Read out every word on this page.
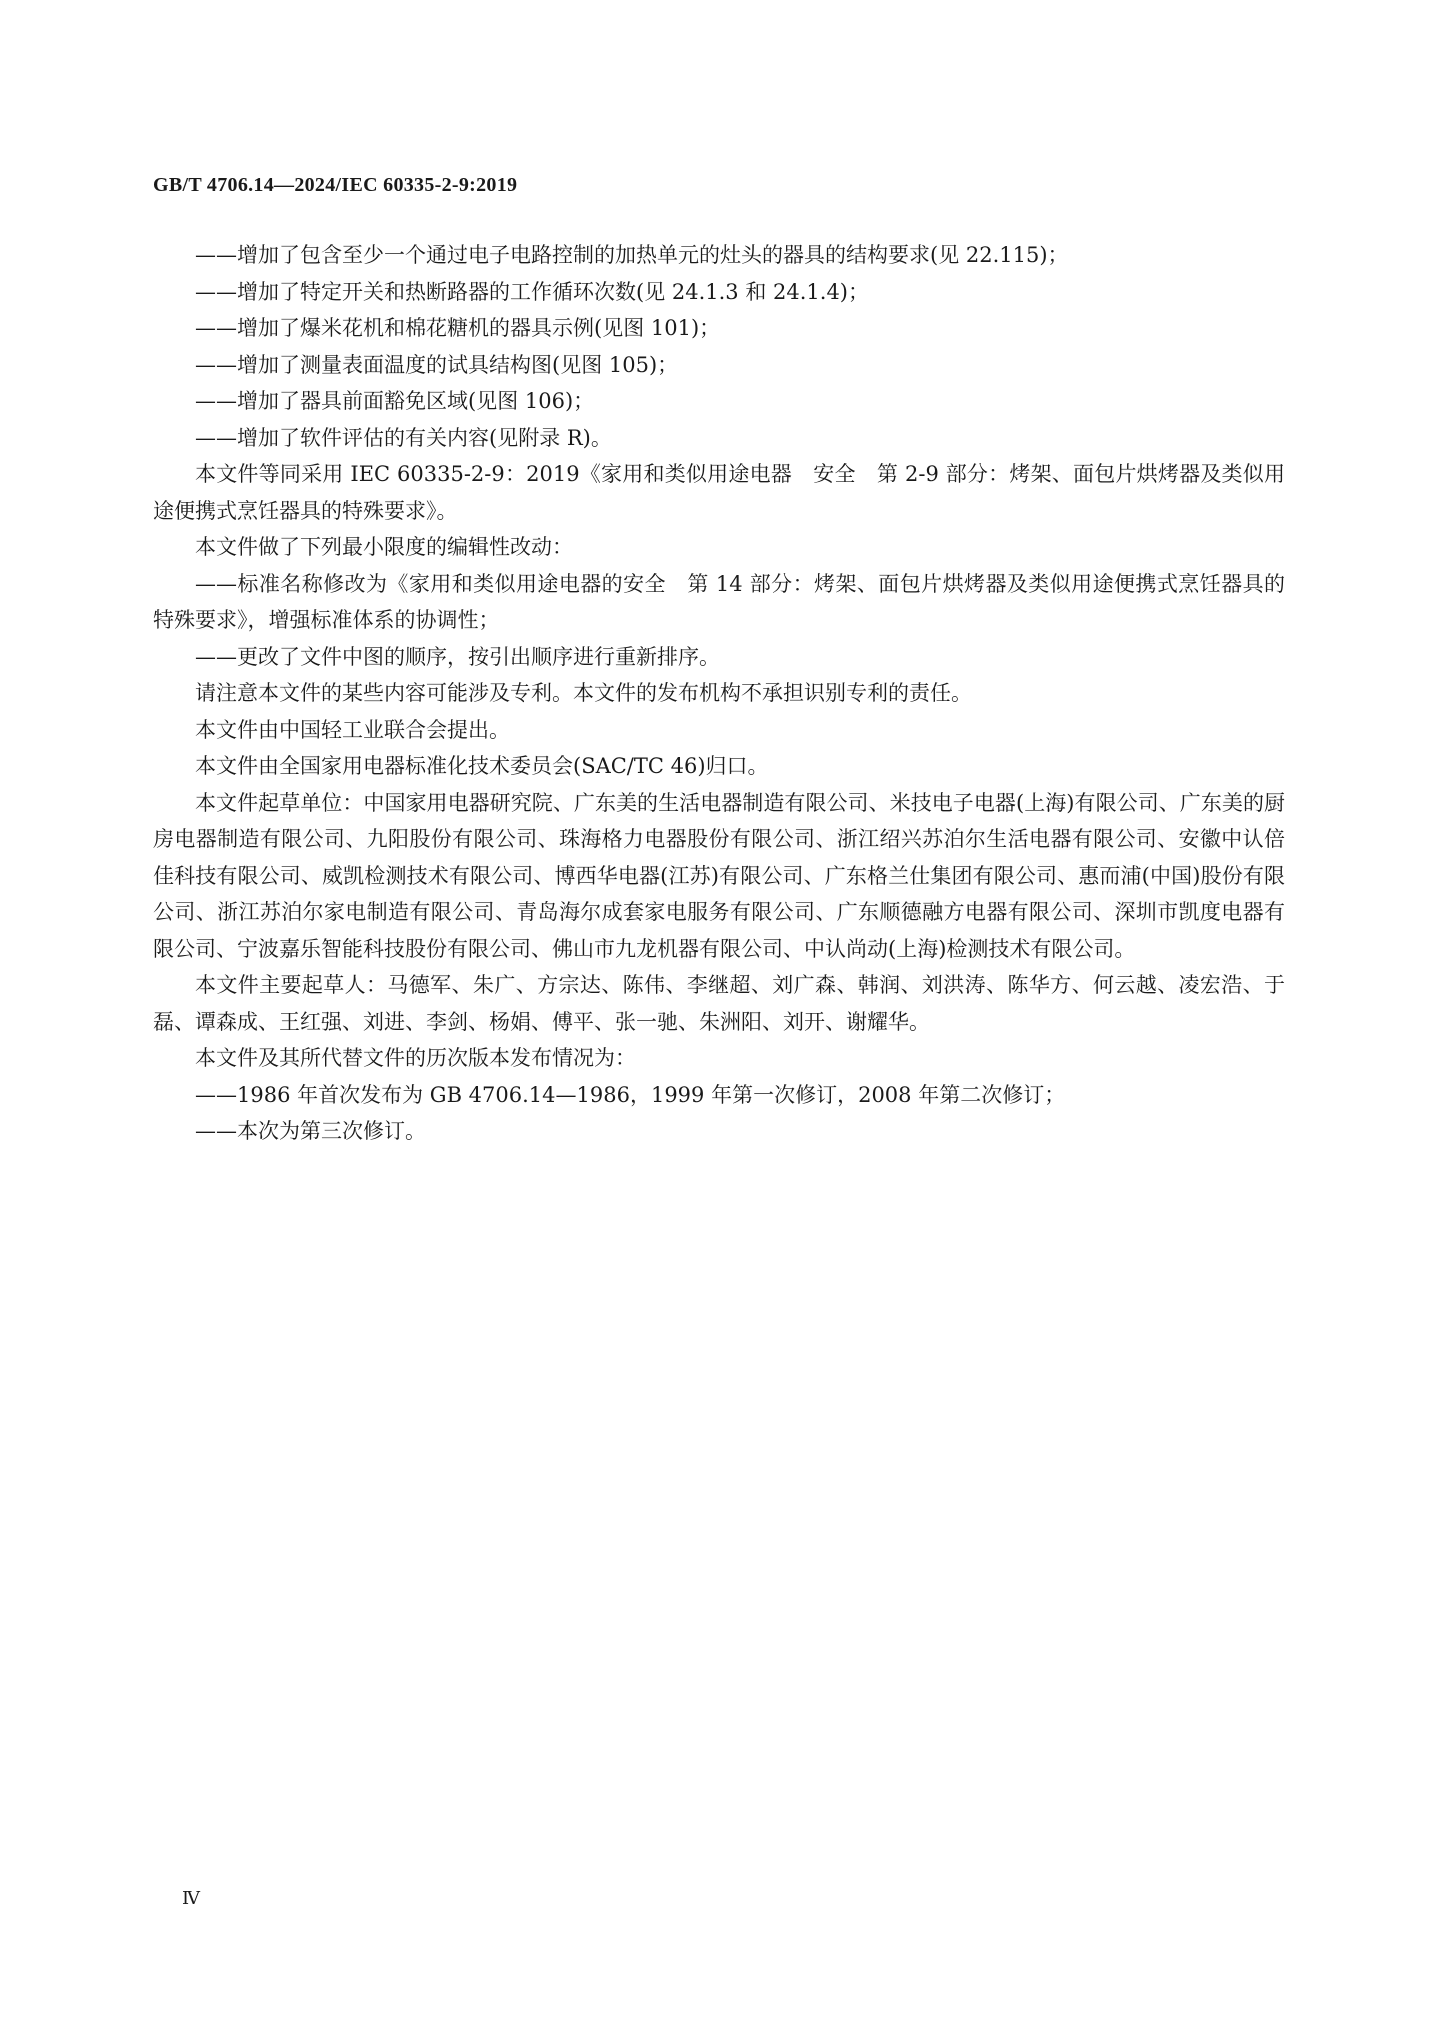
GB/T 4706.14—2024/IEC 60335-2-9:2019

——增加了包含至少一个通过电子电路控制的加热单元的灶头的器具的结构要求(见 22.115)；

——增加了特定开关和热断路器的工作循环次数(见 24.1.3 和 24.1.4)；

——增加了爆米花机和棉花糖机的器具示例(见图 101)；

——增加了测量表面温度的试具结构图(见图 105)；

——增加了器具前面豁免区域(见图 106)；

——增加了软件评估的有关内容(见附录 R)。

本文件等同采用 IEC 60335-2-9：2019《家用和类似用途电器　安全　第 2-9 部分：烤架、面包片烘烤器及类似用途便携式烹饪器具的特殊要求》。

本文件做了下列最小限度的编辑性改动：

——标准名称修改为《家用和类似用途电器的安全　第 14 部分：烤架、面包片烘烤器及类似用途便携式烹饪器具的特殊要求》，增强标准体系的协调性；

——更改了文件中图的顺序，按引出顺序进行重新排序。

请注意本文件的某些内容可能涉及专利。本文件的发布机构不承担识别专利的责任。

本文件由中国轻工业联合会提出。

本文件由全国家用电器标准化技术委员会(SAC/TC 46)归口。

本文件起草单位：中国家用电器研究院、广东美的生活电器制造有限公司、米技电子电器(上海)有限公司、广东美的厨房电器制造有限公司、九阳股份有限公司、珠海格力电器股份有限公司、浙江绍兴苏泊尔生活电器有限公司、安徽中认倍佳科技有限公司、威凯检测技术有限公司、博西华电器(江苏)有限公司、广东格兰仕集团有限公司、惠而浦(中国)股份有限公司、浙江苏泊尔家电制造有限公司、青岛海尔成套家电服务有限公司、广东顺德融方电器有限公司、深圳市凯度电器有限公司、宁波嘉乐智能科技股份有限公司、佛山市九龙机器有限公司、中认尚动(上海)检测技术有限公司。

本文件主要起草人：马德军、朱广、方宗达、陈伟、李继超、刘广森、韩润、刘洪涛、陈华方、何云越、凌宏浩、于磊、谭森成、王红强、刘进、李剑、杨娟、傅平、张一驰、朱洲阳、刘开、谢耀华。

本文件及其所代替文件的历次版本发布情况为：

——1986 年首次发布为 GB 4706.14—1986，1999 年第一次修订，2008 年第二次修订；

——本次为第三次修订。

Ⅳ
